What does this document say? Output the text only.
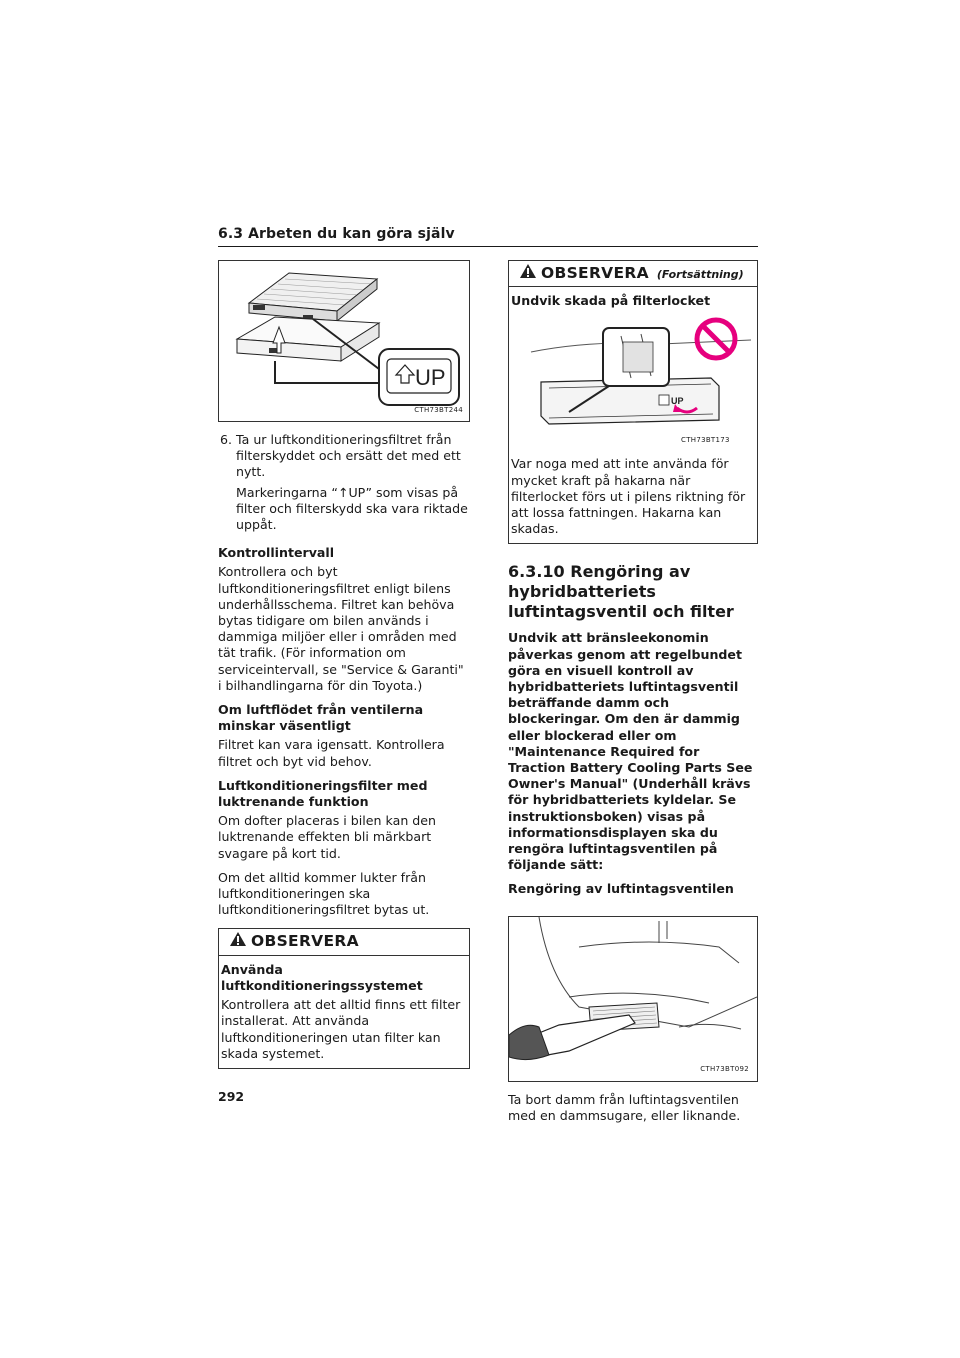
6.3 Arbeten du kan göra själv
UP
CTH73BT244
6. Ta ur luftkonditioneringsfiltret från filterskyddet och ersätt det med ett nytt.

Markeringarna “↑UP” som visas på filter och filterskydd ska vara riktade uppåt.

Kontrollintervall
Kontrollera och byt luftkonditioneringsfiltret enligt bilens underhållsschema. Filtret kan behöva bytas tidigare om bilen används i dammiga miljöer eller i områden med tät trafik. (För information om serviceintervall, se "Service & Garanti" i bilhandlingarna för din Toyota.)
Om luftflödet från ventilerna minskar väsentligt
Filtret kan vara igensatt. Kontrollera filtret och byt vid behov.
Luftkonditioneringsfilter med luktrenande funktion
Om dofter placeras i bilen kan den luktrenande effekten bli märkbart svagare på kort tid.
Om det alltid kommer lukter från luftkonditioneringen ska luftkonditioneringsfiltret bytas ut.
OBSERVERA
Använda luftkonditioneringssystemet
Kontrollera att det alltid finns ett filter installerat. Att använda luftkonditioneringen utan filter kan skada systemet.
OBSERVERA (Fortsättning)
Undvik skada på filterlocket
UP
CTH73BT173
Var noga med att inte använda för mycket kraft på hakarna när filterlocket förs ut i pilens riktning för att lossa fattningen. Hakarna kan skadas.
6.3.10 Rengöring av hybridbatteriets luftintagsventil och filter
Undvik att bränsleekonomin påverkas genom att regelbundet göra en visuell kontroll av hybridbatteriets luftintagsventil beträffande damm och blockeringar. Om den är dammig eller blockerad eller om "Maintenance Required for Traction Battery Cooling Parts See Owner's Manual" (Underhåll krävs för hybridbatteriets kyldelar. Se instruktionsboken) visas på informationsdisplayen ska du rengöra luftintagsventilen på följande sätt:
Rengöring av luftintagsventilen
CTH73BT092
Ta bort damm från luftintagsventilen med en dammsugare, eller liknande.
292
